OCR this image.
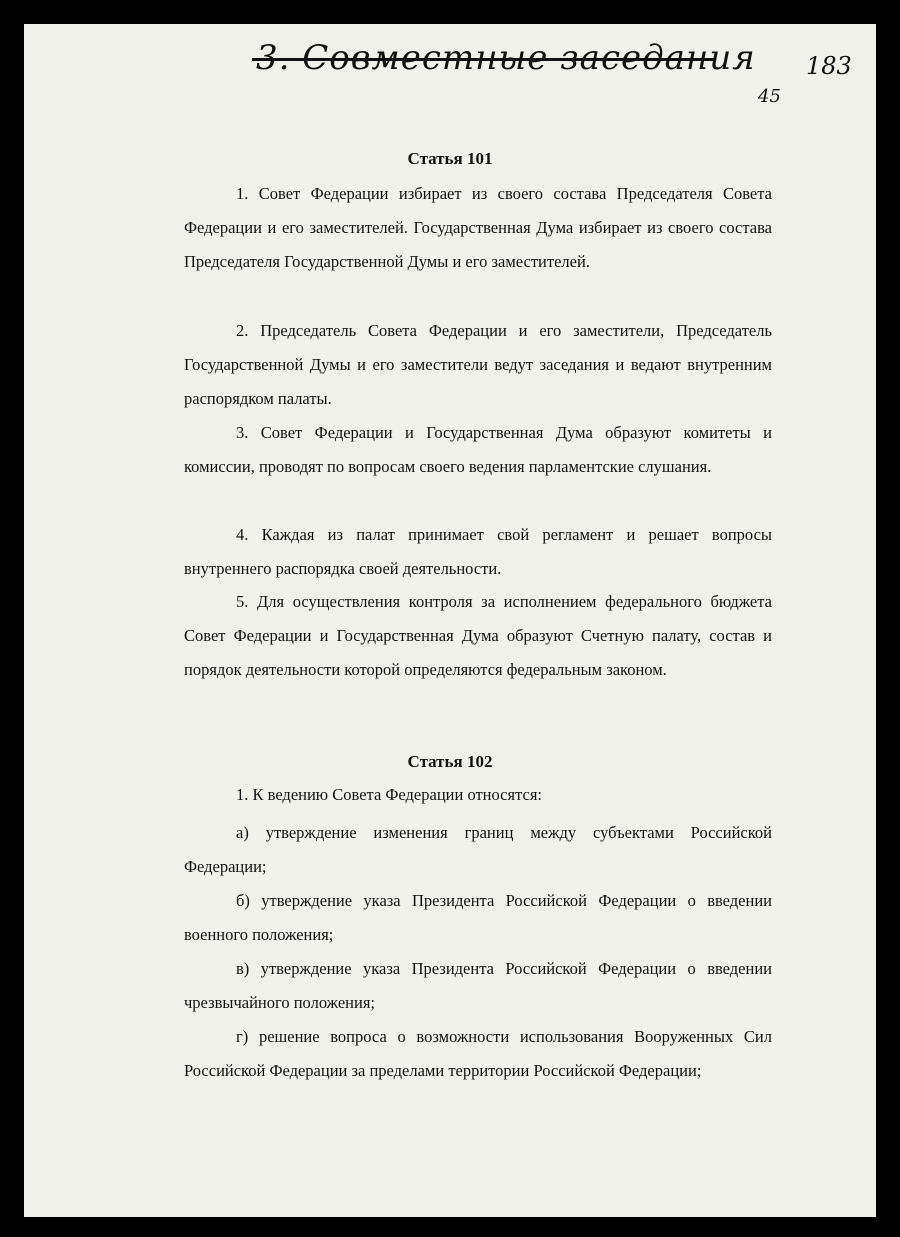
3. Совместные заседания 183
45
Статья 101

1. Совет Федерации избирает из своего состава Председателя Совета Федерации и его заместителей. Государственная Дума избирает из своего состава Председателя Государственной Думы и его заместителей.

2. Председатель Совета Федерации и его заместители, Председатель Государственной Думы и его заместители ведут заседания и ведают внутренним распорядком палаты.

3. Совет Федерации и Государственная Дума образуют комитеты и комиссии, проводят по вопросам своего ведения парламентские слушания.

4. Каждая из палат принимает свой регламент и решает вопросы внутреннего распорядка своей деятельности.

5. Для осуществления контроля за исполнением федерального бюджета Совет Федерации и Государственная Дума образуют Счетную палату, состав и порядок деятельности которой определяются федеральным законом.

Статья 102

1. К ведению Совета Федерации относятся:

а) утверждение изменения границ между субъектами Российской Федерации;

б) утверждение указа Президента Российской Федерации о введении военного положения;

в) утверждение указа Президента Российской Федерации о введении чрезвычайного положения;

г) решение вопроса о возможности использования Вооруженных Сил Российской Федерации за пределами территории Российской Федерации;
